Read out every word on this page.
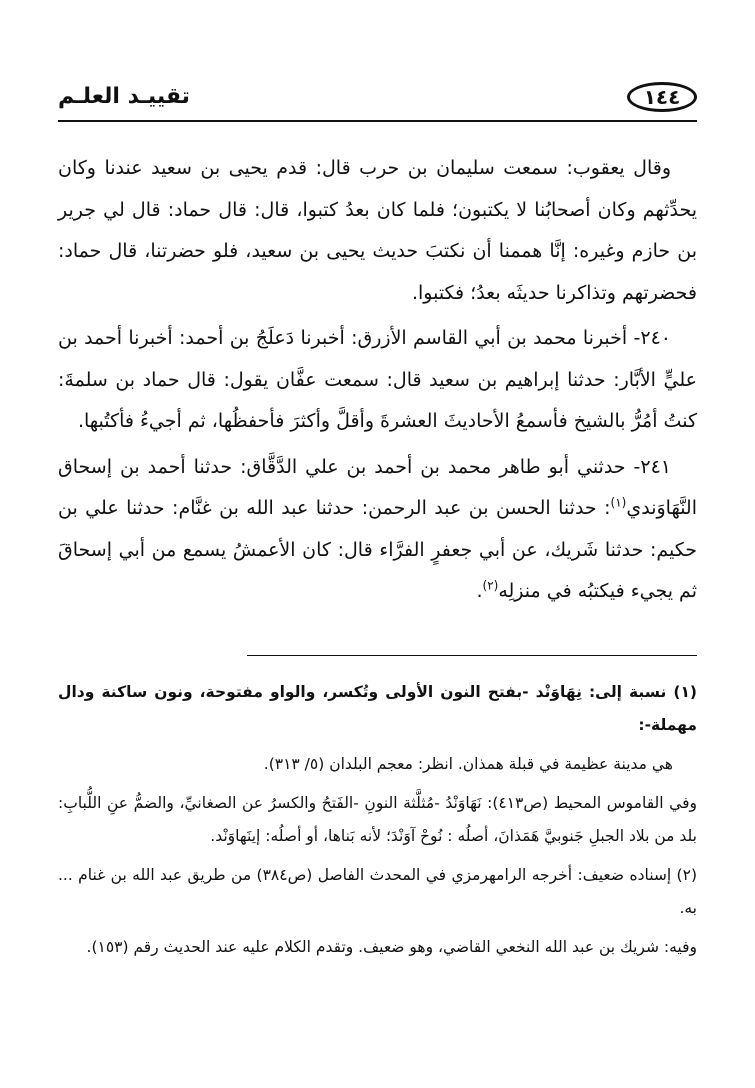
١٤٤
تقييـد العلـم

وقال يعقوب: سمعت سليمان بن حرب قال: قدم يحيى بن سعيد عندنا وكان يحدِّثهم وكان أصحابُنا لا يكتبون؛ فلما كان بعدُ كتبوا، قال: قال حماد: قال لي جرير بن حازم وغيره: إنَّا هممنا أن نكتبَ حديث يحيى بن سعيد، فلو حضرتنا، قال حماد: فحضرتهم وتذاكرنا حديثَه بعدُ؛ فكتبوا.

٢٤٠- أخبرنا محمد بن أبي القاسم الأزرق: أخبرنا دَعلَجُ بن أحمد: أخبرنا أحمد بن عليٍّ الأبَّار: حدثنا إبراهيم بن سعيد قال: سمعت عفَّان يقول: قال حماد بن سلمةَ: كنتُ أمُرُّ بالشيخ فأسمعُ الأحاديثَ العشرةَ وأقلَّ وأكثرَ فأحفظُها، ثم أجيءُ فأكتُبها.

٢٤١- حدثني أبو طاهر محمد بن أحمد بن علي الدَّقَّاق: حدثنا أحمد بن إسحاق النَّهَاوَندي$^{(١)}$: حدثنا الحسن بن عبد الرحمن: حدثنا عبد الله بن غنَّام: حدثنا علي بن حكيم: حدثنا شَريك، عن أبي جعفرٍ الفرَّاء قال: كان الأعمشُ يسمع من أبي إسحاقَ ثم يجيء فيكتبُه في منزلِه$^{(٢)}$.

(١) نسبة إلى: نِهَاوَنْد -بفتح النون الأولى وتُكسر، والواو مفتوحة، ونون ساكنة ودال مهملة-:

هي مدينة عظيمة في قبلة همذان. انظر: معجم البلدان (٥/ ٣١٣).

وفي القاموس المحيط (ص٤١٣): نَهَاوَنْدُ -مُثلَّثة النونِ -الفَتحُ والكسرُ عن الصغانيِّ، والضمُّ عنِ اللُّبابِ: بلد من بلاد الجبلِ جَنوبيَّ هَمَذانَ، أصلُه : نُوحْ آوَنْدَ؛ لأنه بَناها، أو أصلُه: إينَهاوَنْد.

(٢) إسناده ضعيف: أخرجه الرامهرمزي في المحدث الفاصل (ص٣٨٤) من طريق عبد الله بن غنام ... به.

وفيه: شريك بن عبد الله النخعي القاضي، وهو ضعيف. وتقدم الكلام عليه عند الحديث رقم (١٥٣).
